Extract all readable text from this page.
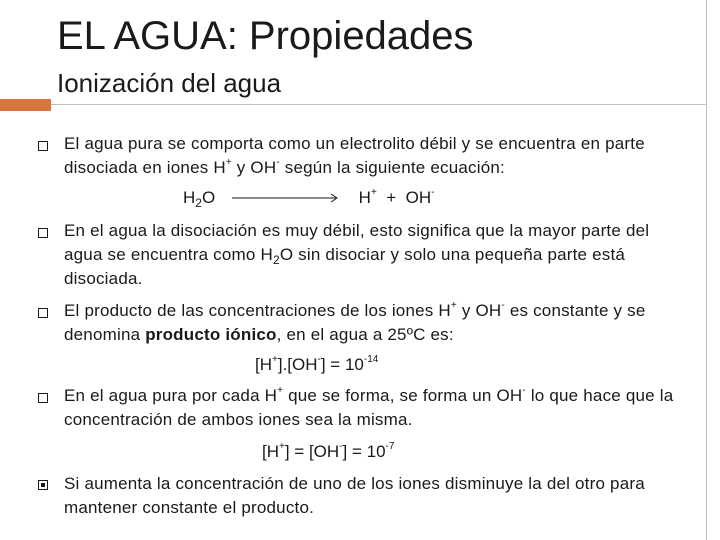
EL AGUA: Propiedades
Ionización del agua
El agua pura se comporta como un electrolito débil y se encuentra en parte disociada en iones H+ y OH- según la siguiente ecuación:
$H_2O$	H+ + OH-
En el agua la disociación es muy débil, esto significa que la mayor parte del agua se encuentra como $H_2O$ sin disociar y solo una pequeña parte está disociada.
El producto de las concentraciones de los iones H+ y OH- es constante y se denomina producto iónico, en el agua a 25ºC es:
$[H^+].[OH^-] = 10^{-14}$
En el agua pura por cada H+ que se forma, se forma un OH- lo que hace que la concentración de ambos iones sea la misma.
$[H^+] = [OH^-] = 10^{-7}$
Si aumenta la concentración de uno de los iones disminuye la del otro para mantener constante el producto.
